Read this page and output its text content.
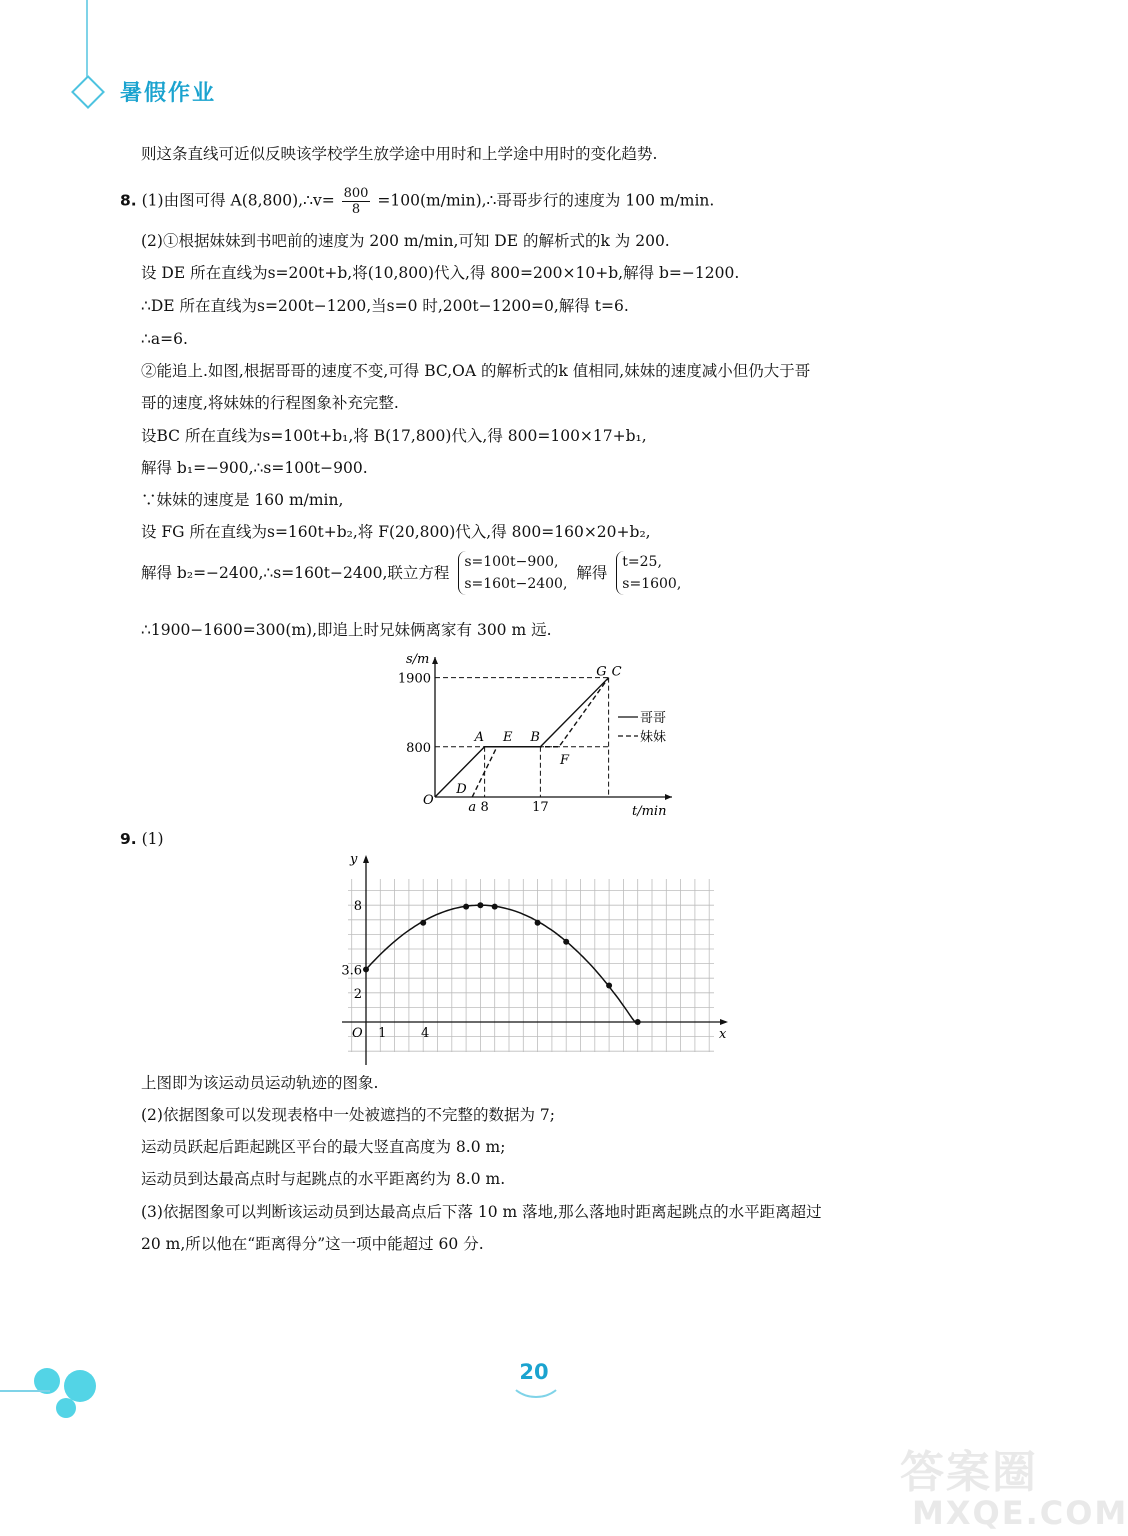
暑假作业
则这条直线可近似反映该学校学生放学途中用时和上学途中用时的变化趋势.
8. (1)由图可得 A(8,800),∴v= $\frac{800}{8}$ =100(m/min),∴哥哥步行的速度为 100 m/min.
(2)①根据妹妹到书吧前的速度为 200 m/min,可知 DE 的解析式的k 为 200.
设 DE 所在直线为s=200t+b,将(10,800)代入,得 800=200×10+b,解得 b=−1200.
∴DE 所在直线为s=200t−1200,当s=0 时,200t−1200=0,解得 t=6.
∴a=6.
②能追上.如图,根据哥哥的速度不变,可得 BC,OA 的解析式的k 值相同,妹妹的速度减小但仍大于哥
哥的速度,将妹妹的行程图象补充完整.
设BC 所在直线为s=100t+b₁,将 B(17,800)代入,得 800=100×17+b₁,
解得 b₁=−900,∴s=100t−900.
∵妹妹的速度是 160 m/min,
设 FG 所在直线为s=160t+b₂,将 F(20,800)代入,得 800=160×20+b₂,
解得 b₂=−2400,∴s=160t−2400,联立方程
s=100t−900,
s=160t−2400,
解得
t=25,
s=1600,
∴1900−1600=300(m),即追上时兄妹俩离家有 300 m 远.
s/m
t/min
O
800
1900
a 8	17
A E B
F
D
G C
哥哥
妹妹
9. (1)
y
x
O
2
3.6
8
1	4
上图即为该运动员运动轨迹的图象.
(2)依据图象可以发现表格中一处被遮挡的不完整的数据为 7;
运动员跃起后距起跳区平台的最大竖直高度为 8.0 m;
运动员到达最高点时与起跳点的水平距离约为 8.0 m.
(3)依据图象可以判断该运动员到达最高点后下落 10 m 落地,那么落地时距离起跳点的水平距离超过
20 m,所以他在“距离得分”这一项中能超过 60 分.
20
答案圈
MXQE.COM
